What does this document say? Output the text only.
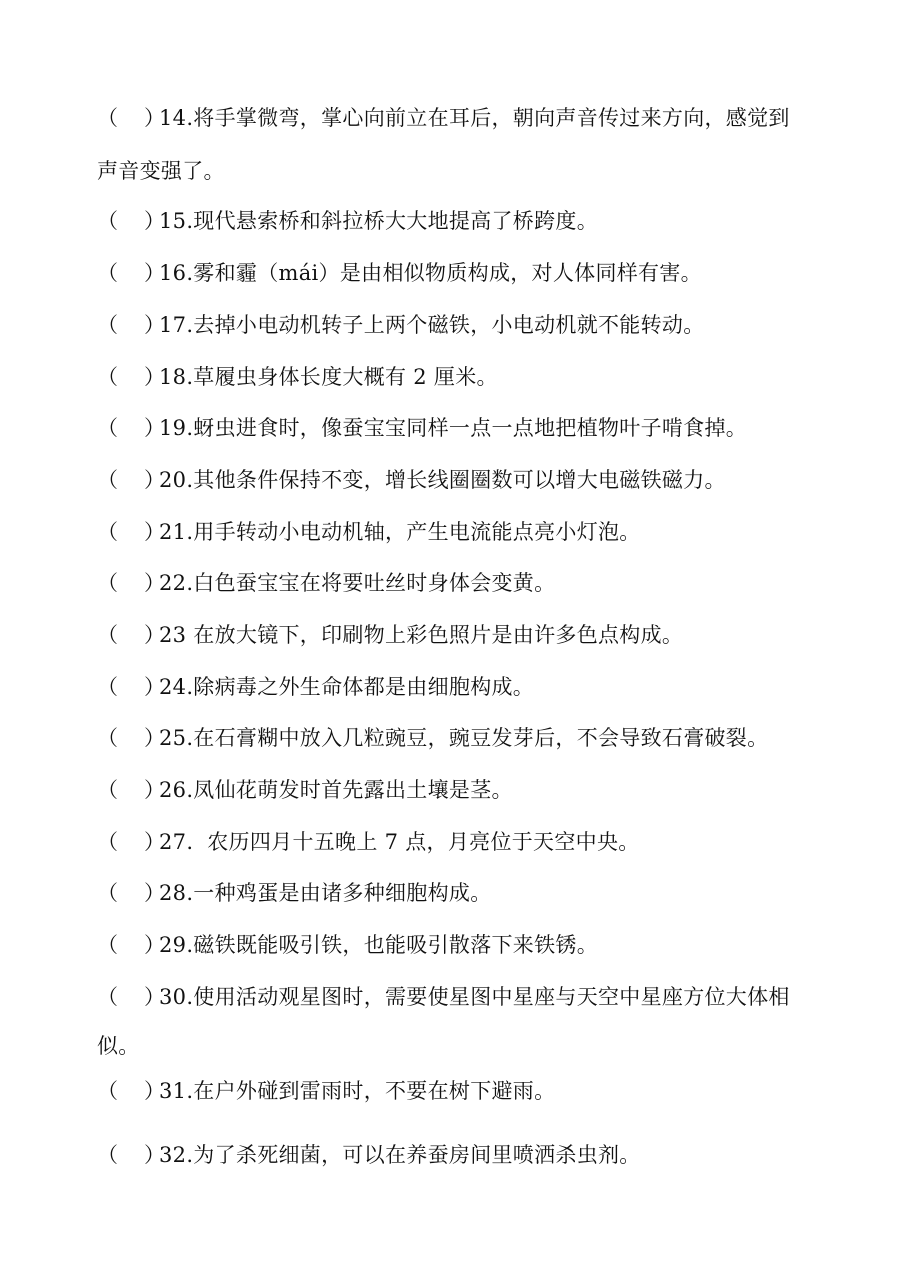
（ ）14.将手掌微弯，掌心向前立在耳后，朝向声音传过来方向，感觉到
声音变强了。
（ ）15.现代悬索桥和斜拉桥大大地提高了桥跨度。
（ ）16.雾和霾（mái）是由相似物质构成，对人体同样有害。
（ ）17.去掉小电动机转子上两个磁铁，小电动机就不能转动。
（ ）18.草履虫身体长度大概有 2 厘米。
（ ）19.蚜虫进食时，像蚕宝宝同样一点一点地把植物叶子啃食掉。
（ ）20.其他条件保持不变，增长线圈圈数可以增大电磁铁磁力。
（ ）21.用手转动小电动机轴，产生电流能点亮小灯泡。
（ ）22.白色蚕宝宝在将要吐丝时身体会变黄。
（ ）23 在放大镜下，印刷物上彩色照片是由许多色点构成。
（ ）24.除病毒之外生命体都是由细胞构成。
（ ）25.在石膏糊中放入几粒豌豆，豌豆发芽后，不会导致石膏破裂。
（ ）26.凤仙花萌发时首先露出土壤是茎。
（ ）27.  农历四月十五晚上 7 点，月亮位于天空中央。
（ ）28.一种鸡蛋是由诸多种细胞构成。
（ ）29.磁铁既能吸引铁，也能吸引散落下来铁锈。
（ ）30.使用活动观星图时，需要使星图中星座与天空中星座方位大体相
似。
（ ）31.在户外碰到雷雨时，不要在树下避雨。
（ ）32.为了杀死细菌，可以在养蚕房间里喷洒杀虫剂。
